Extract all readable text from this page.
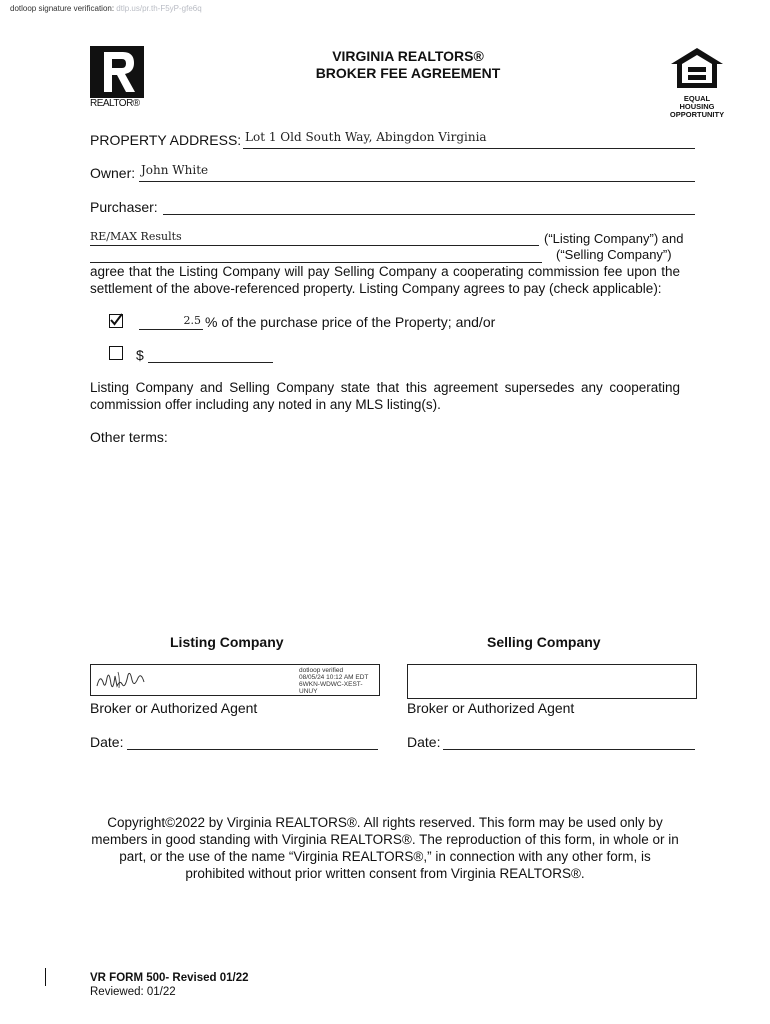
dotloop signature verification: dtlp.us/pr.th-F5yP-gfe6q
REALTOR®
VIRGINIA REALTORS®
BROKER FEE AGREEMENT
EQUAL HOUSING
OPPORTUNITY
PROPERTY ADDRESS: Lot 1 Old South Way, Abingdon Virginia
Owner: John White
Purchaser:
RE/MAX Results	(“Listing Company”) and
(“Selling Company”)
agree that the Listing Company will pay Selling Company a cooperating commission fee upon the settlement of the above-referenced property. Listing Company agrees to pay (check applicable):
2.5 % of the purchase price of the Property; and/or
$
Listing Company and Selling Company state that this agreement supersedes any cooperating commission offer including any noted in any MLS listing(s).
Other terms:
Listing Company	Selling Company
dotloop verified
08/05/24 10:12 AM EDT
6WKN-WDWC-XEST-UNUY
Broker or Authorized Agent	Broker or Authorized Agent
Date:	Date:
Copyright©2022 by Virginia REALTORS®. All rights reserved. This form may be used only by members in good standing with Virginia REALTORS®. The reproduction of this form, in whole or in part, or the use of the name “Virginia REALTORS®,” in connection with any other form, is prohibited without prior written consent from Virginia REALTORS®.
VR FORM 500- Revised 01/22
Reviewed: 01/22
